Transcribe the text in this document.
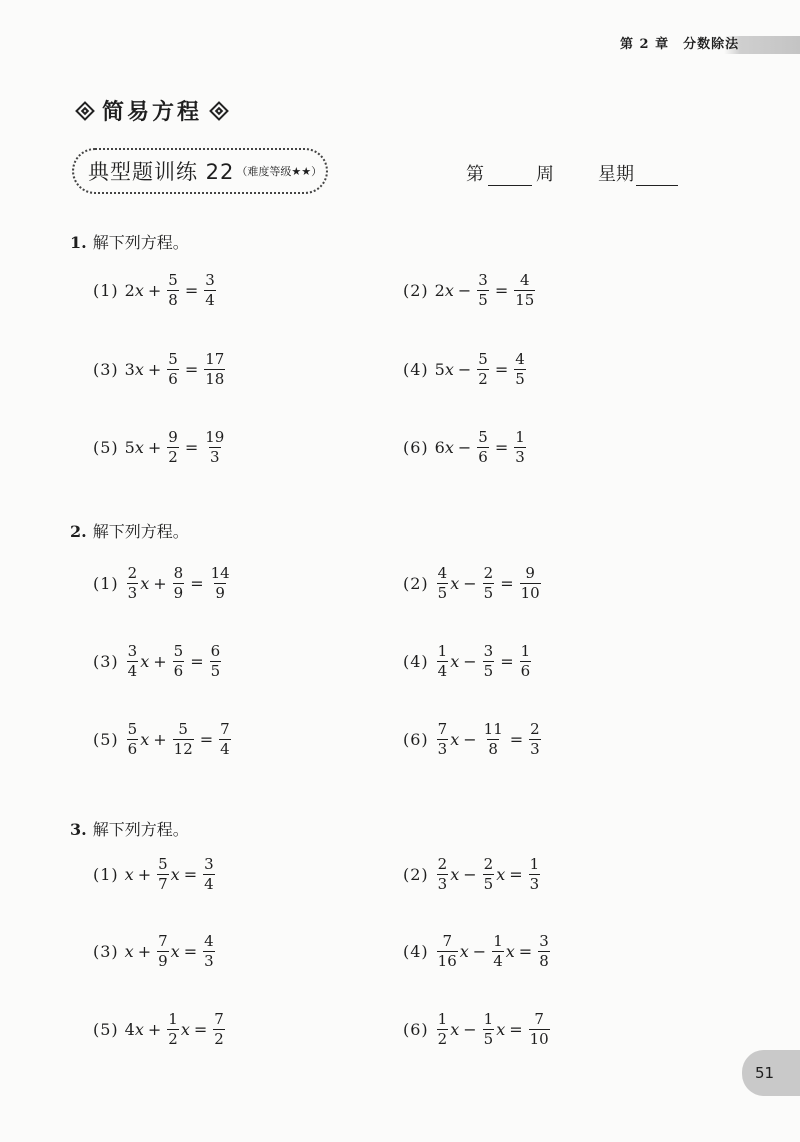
第 2 章 分数除法
简易方程
典型题训练 22 （难度等级★★）	第	周 星期
1. 解下列方程。
(1) 2 $x + \frac{5}{8} = \frac{3}{4}$	(2) 2 $x - \frac{3}{5} = \frac{4}{15}$
(3) 3 $x + \frac{5}{6} = \frac{17}{18}$	(4) 5 $x - \frac{5}{2} = \frac{4}{5}$
(5) 5 $x + \frac{9}{2} = \frac{19}{3}$	(6) 6 $x - \frac{5}{6} = \frac{1}{3}$
2. 解下列方程。
$(1) \frac{2}{3}$ $x + \frac{8}{9} = \frac{14}{9}$	$(2) \frac{4}{5}$ $x - \frac{2}{5} = \frac{9}{10}$
$(3) \frac{3}{4}$ $x + \frac{5}{6} = \frac{6}{5}$	$(4) \frac{1}{4}$ $x - \frac{3}{5} = \frac{1}{6}$
$(5) \frac{5}{6}$ $x + \frac{5}{12} = \frac{7}{4}$	$(6) \frac{7}{3}$ $x - \frac{11}{8} = \frac{2}{3}$
3. 解下列方程。
(1) $x + \frac{5}{7}$ $x = \frac{3}{4}$	$(2) \frac{2}{3}$ $x - \frac{2}{5}$ $x = \frac{1}{3}$
(3) $x + \frac{7}{9}$ $x = \frac{4}{3}$	$(4) \frac{7}{16}$ $x - \frac{1}{4}$ $x = \frac{3}{8}$
(5) 4 $x + \frac{1}{2}$ $x = \frac{7}{2}$	$(6) \frac{1}{2}$ $x - \frac{1}{5}$ $x = \frac{7}{10}$
51
